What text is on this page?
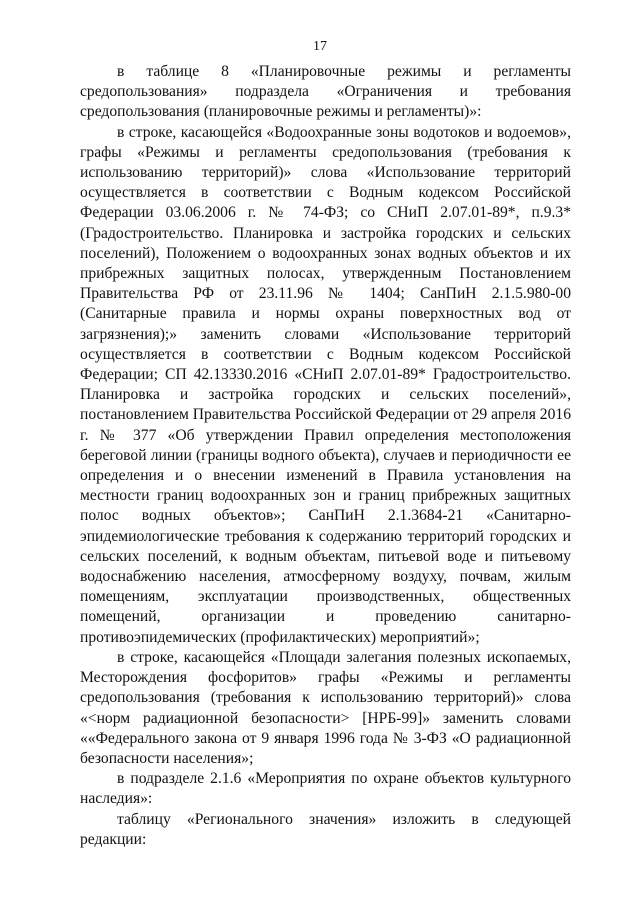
17

в таблице 8 «Планировочные режимы и регламенты средопользования» подраздела «Ограничения и требования средопользования (планировочные режимы и регламенты)»:

в строке, касающейся «Водоохранные зоны водотоков и водоемов», графы «Режимы и регламенты средопользования (требования к использованию территорий)» слова «Использование территорий осуществляется в соответствии с Водным кодексом Российской Федерации 03.06.2006 г. № 74-ФЗ; со СНиП 2.07.01-89*, п.9.3* (Градостроительство. Планировка и застройка городских и сельских поселений), Положением о водоохранных зонах водных объектов и их прибрежных защитных полосах, утвержденным Постановлением Правительства РФ от 23.11.96 № 1404; СанПиН 2.1.5.980-00 (Санитарные правила и нормы охраны поверхностных вод от загрязнения);» заменить словами «Использование территорий осуществляется в соответствии с Водным кодексом Российской Федерации; СП 42.13330.2016 «СНиП 2.07.01-89* Градостроительство. Планировка и застройка городских и сельских поселений», постановлением Правительства Российской Федерации от 29 апреля 2016 г. № 377 «Об утверждении Правил определения местоположения береговой линии (границы водного объекта), случаев и периодичности ее определения и о внесении изменений в Правила установления на местности границ водоохранных зон и границ прибрежных защитных полос водных объектов»; СанПиН 2.1.3684-21 «Санитарно-эпидемиологические требования к содержанию территорий городских и сельских поселений, к водным объектам, питьевой воде и питьевому водоснабжению населения, атмосферному воздуху, почвам, жилым помещениям, эксплуатации производственных, общественных помещений, организации и проведению санитарно-противоэпидемических (профилактических) мероприятий»;

в строке, касающейся «Площади залегания полезных ископаемых, Месторождения фосфоритов» графы «Режимы и регламенты средопользования (требования к использованию территорий)» слова «<норм радиационной безопасности> [НРБ-99]» заменить словами ««Федерального закона от 9 января 1996 года № 3-ФЗ «О радиационной безопасности населения»;

в подразделе 2.1.6 «Мероприятия по охране объектов культурного наследия»:

таблицу «Регионального значения» изложить в следующей редакции:
